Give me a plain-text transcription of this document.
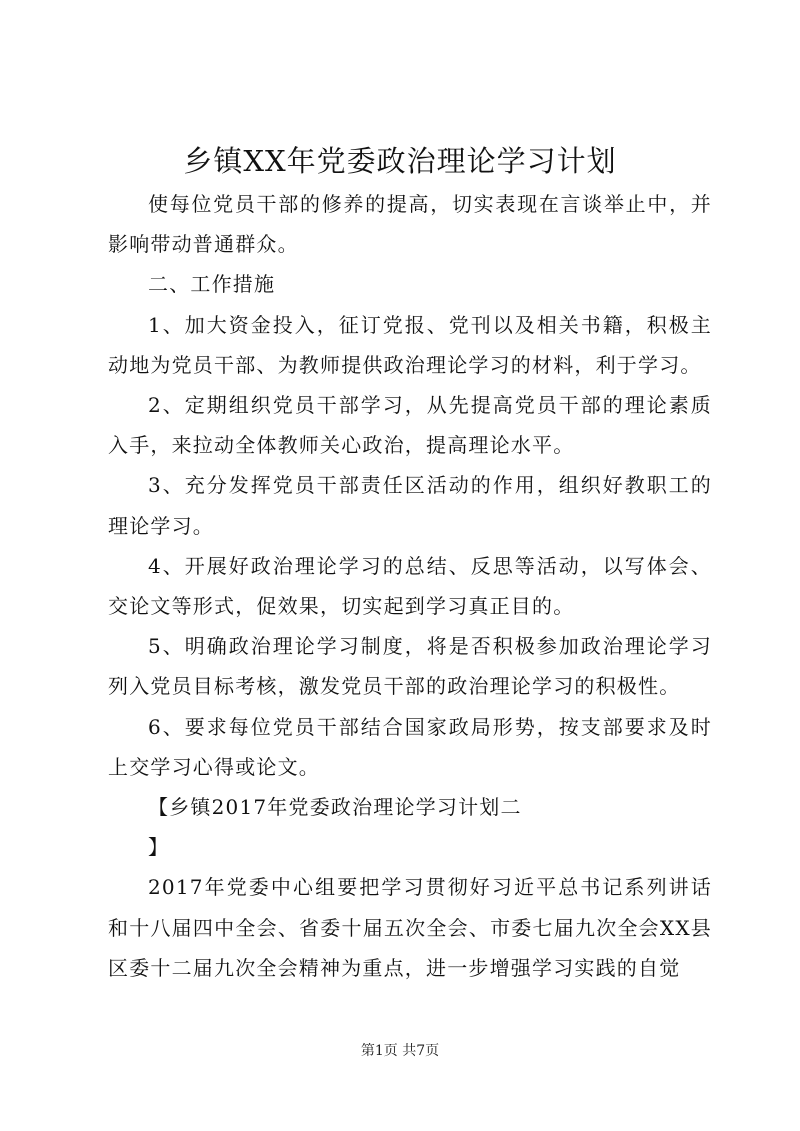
乡镇XX年党委政治理论学习计划

使每位党员干部的修养的提高，切实表现在言谈举止中，并影响带动普通群众。

二、工作措施

1、加大资金投入，征订党报、党刊以及相关书籍，积极主动地为党员干部、为教师提供政治理论学习的材料，利于学习。

2、定期组织党员干部学习，从先提高党员干部的理论素质入手，来拉动全体教师关心政治，提高理论水平。

3、充分发挥党员干部责任区活动的作用，组织好教职工的理论学习。

4、开展好政治理论学习的总结、反思等活动，以写体会、交论文等形式，促效果，切实起到学习真正目的。

5、明确政治理论学习制度，将是否积极参加政治理论学习列入党员目标考核，激发党员干部的政治理论学习的积极性。

6、要求每位党员干部结合国家政局形势，按支部要求及时上交学习心得或论文。

【乡镇2017年党委政治理论学习计划二

】

2017年党委中心组要把学习贯彻好习近平总书记系列讲话和十八届四中全会、省委十届五次全会、市委七届九次全会XX县区委十二届九次全会精神为重点，进一步增强学习实践的自觉

第1页 共7页
